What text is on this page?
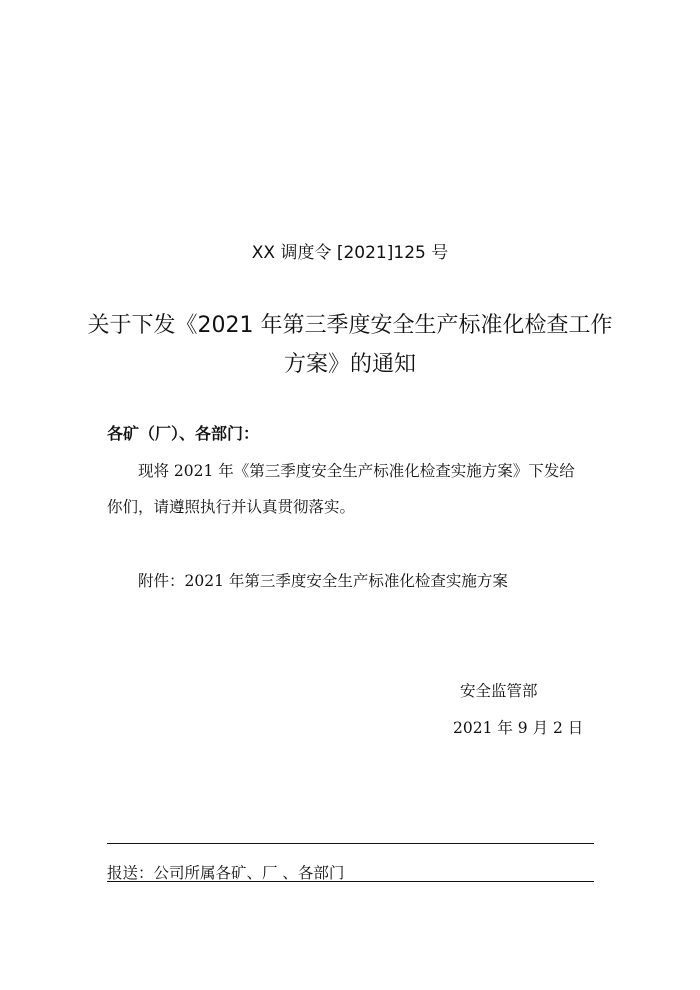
XX 调度令 [2021]125 号
关于下发《2021 年第三季度安全生产标准化检查工作
方案》的通知
各矿（厂）、各部门：
现将 2021 年《第三季度安全生产标准化检查实施方案》下发给
你们，请遵照执行并认真贯彻落实。
附件：2021 年第三季度安全生产标准化检查实施方案
安全监管部
2021 年 9 月 2 日
报送：公司所属各矿、厂 、各部门
